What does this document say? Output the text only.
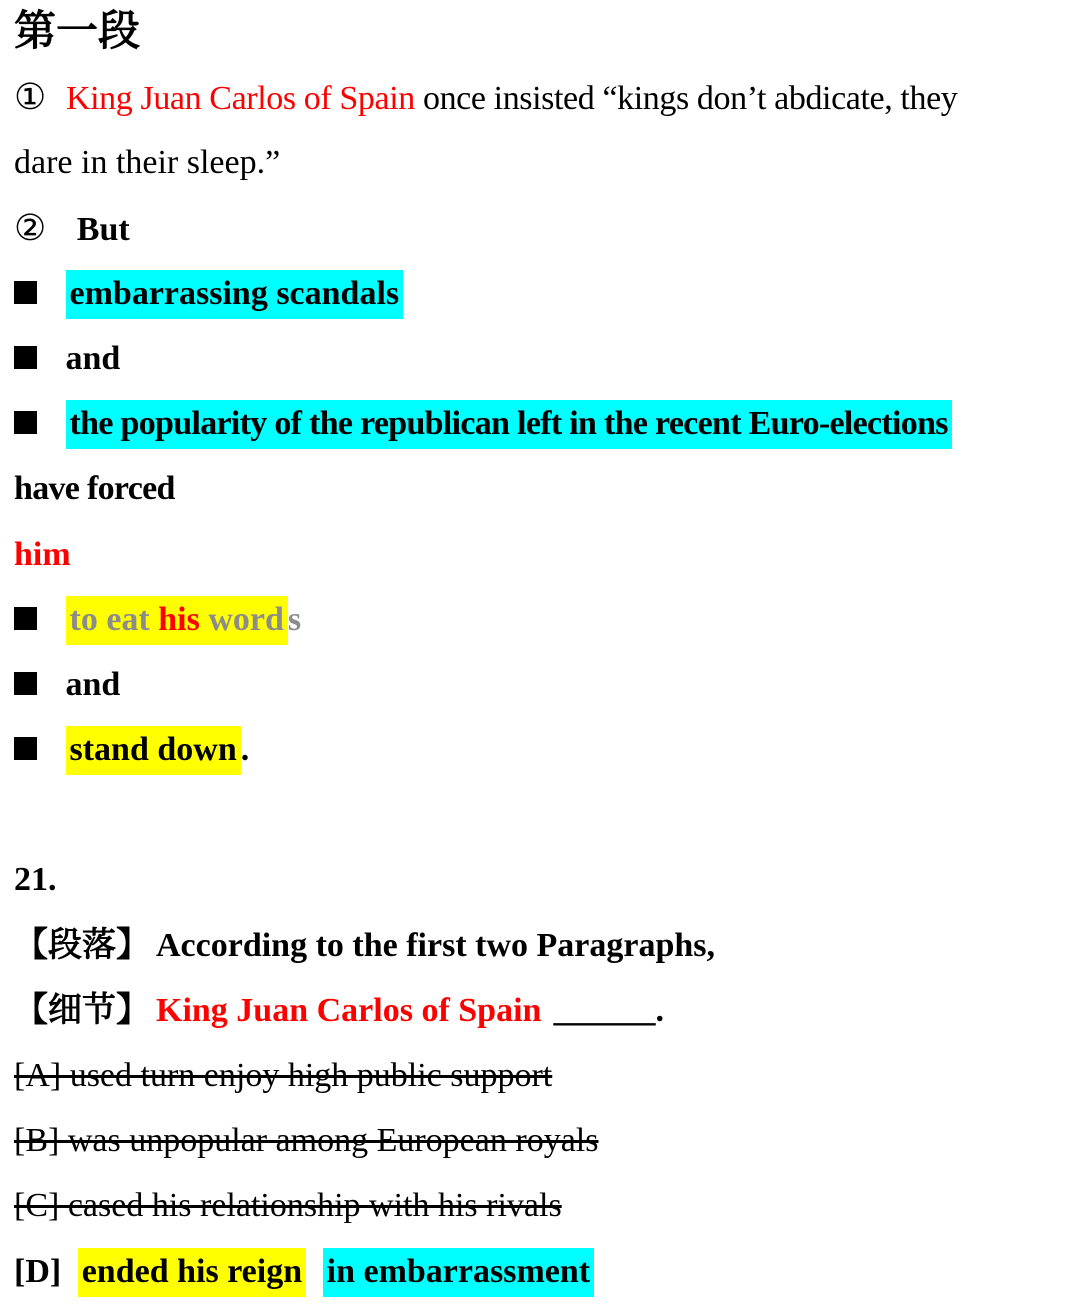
第一段
① King Juan Carlos of Spain once insisted “kings don’t abdicate, they
dare in their sleep.”
② But
embarrassing scandals
and
the popularity of the republican left in the recent Euro-elections
have forced
him
to eat his word s
and
stand down .
21.
【段落】 According to the first two Paragraphs,
【细节】 King Juan Carlos of Spain ______.
[A] used turn enjoy high public support
[B] was unpopular among European royals
[C] cased his relationship with his rivals
[D] ended his reign in embarrassment
